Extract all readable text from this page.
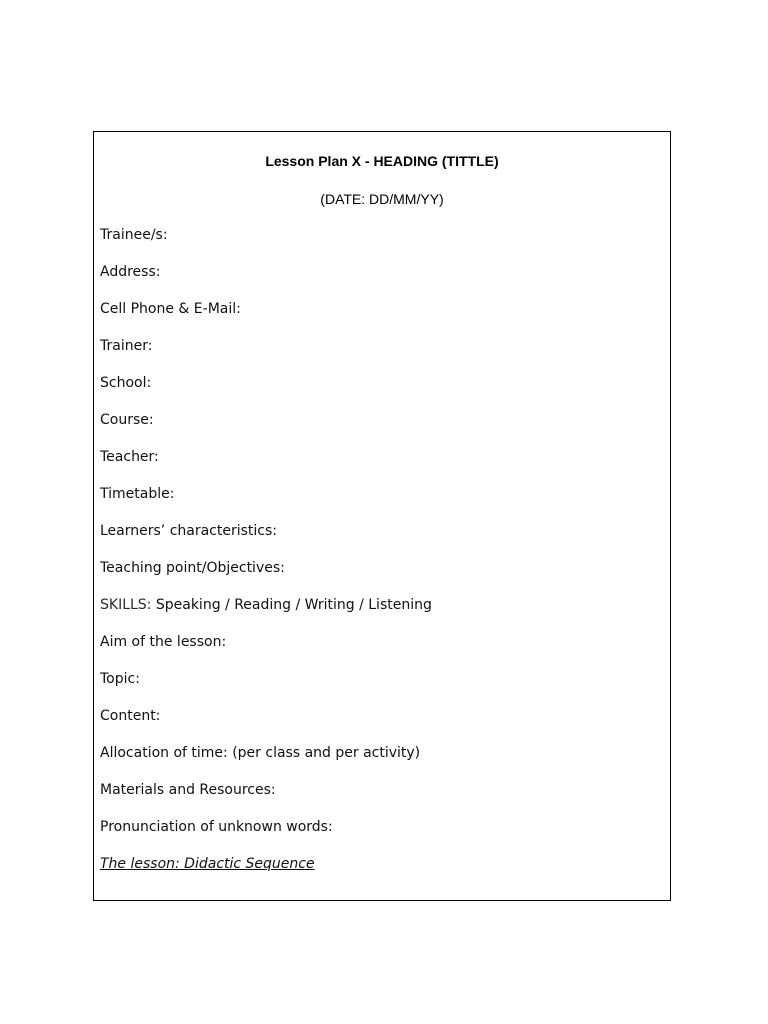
Lesson Plan X - HEADING (TITTLE)
(DATE: DD/MM/YY)
Trainee/s:
Address:
Cell Phone & E-Mail:
Trainer:
School:
Course:
Teacher:
Timetable:
Learners’ characteristics:
Teaching point/Objectives:
SKILLS: Speaking / Reading / Writing / Listening
Aim of the lesson:
Topic:
Content:
Allocation of time: (per class and per activity)
Materials and Resources:
Pronunciation of unknown words:
The lesson: Didactic Sequence
